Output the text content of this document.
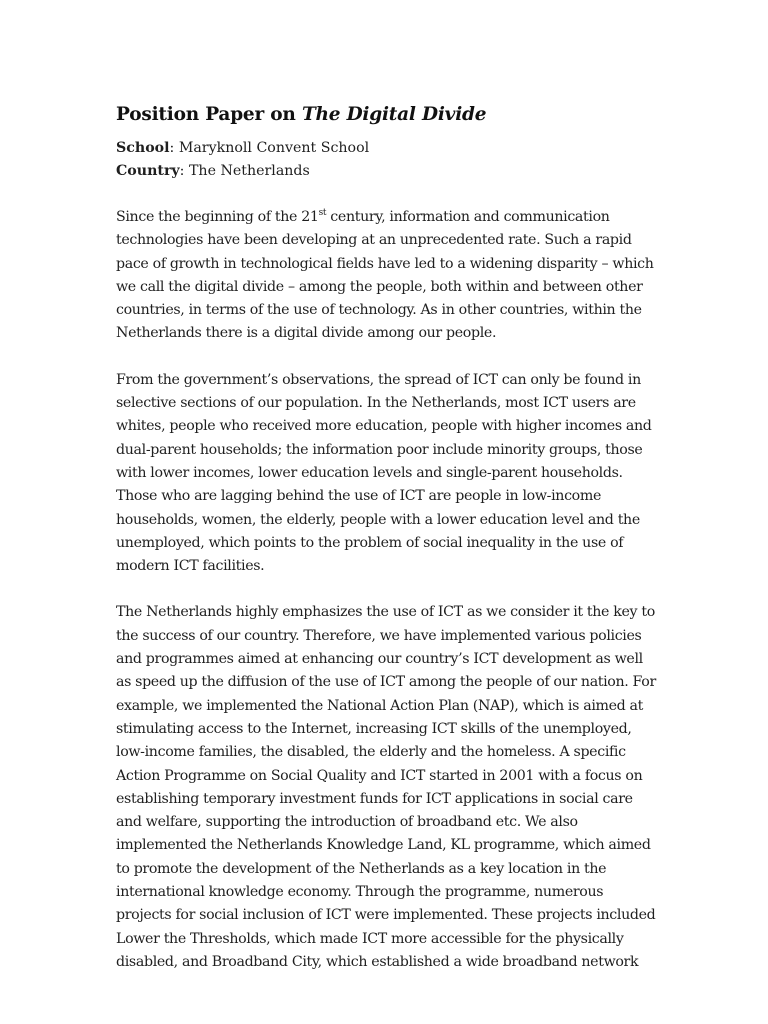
Position Paper on The Digital Divide

School: Maryknoll Convent School

Country: The Netherlands

Since the beginning of the 21st century, information and communication
technologies have been developing at an unprecedented rate. Such a rapid
pace of growth in technological fields have led to a widening disparity – which
we call the digital divide – among the people, both within and between other
countries, in terms of the use of technology. As in other countries, within the
Netherlands there is a digital divide among our people.

From the government’s observations, the spread of ICT can only be found in
selective sections of our population. In the Netherlands, most ICT users are
whites, people who received more education, people with higher incomes and
dual-parent households; the information poor include minority groups, those
with lower incomes, lower education levels and single-parent households.
Those who are lagging behind the use of ICT are people in low-income
households, women, the elderly, people with a lower education level and the
unemployed, which points to the problem of social inequality in the use of
modern ICT facilities.

The Netherlands highly emphasizes the use of ICT as we consider it the key to
the success of our country. Therefore, we have implemented various policies
and programmes aimed at enhancing our country’s ICT development as well
as speed up the diffusion of the use of ICT among the people of our nation. For
example, we implemented the National Action Plan (NAP), which is aimed at
stimulating access to the Internet, increasing ICT skills of the unemployed,
low-income families, the disabled, the elderly and the homeless. A specific
Action Programme on Social Quality and ICT started in 2001 with a focus on
establishing temporary investment funds for ICT applications in social care
and welfare, supporting the introduction of broadband etc. We also
implemented the Netherlands Knowledge Land, KL programme, which aimed
to promote the development of the Netherlands as a key location in the
international knowledge economy. Through the programme, numerous
projects for social inclusion of ICT were implemented. These projects included
Lower the Thresholds, which made ICT more accessible for the physically
disabled, and Broadband City, which established a wide broadband network
